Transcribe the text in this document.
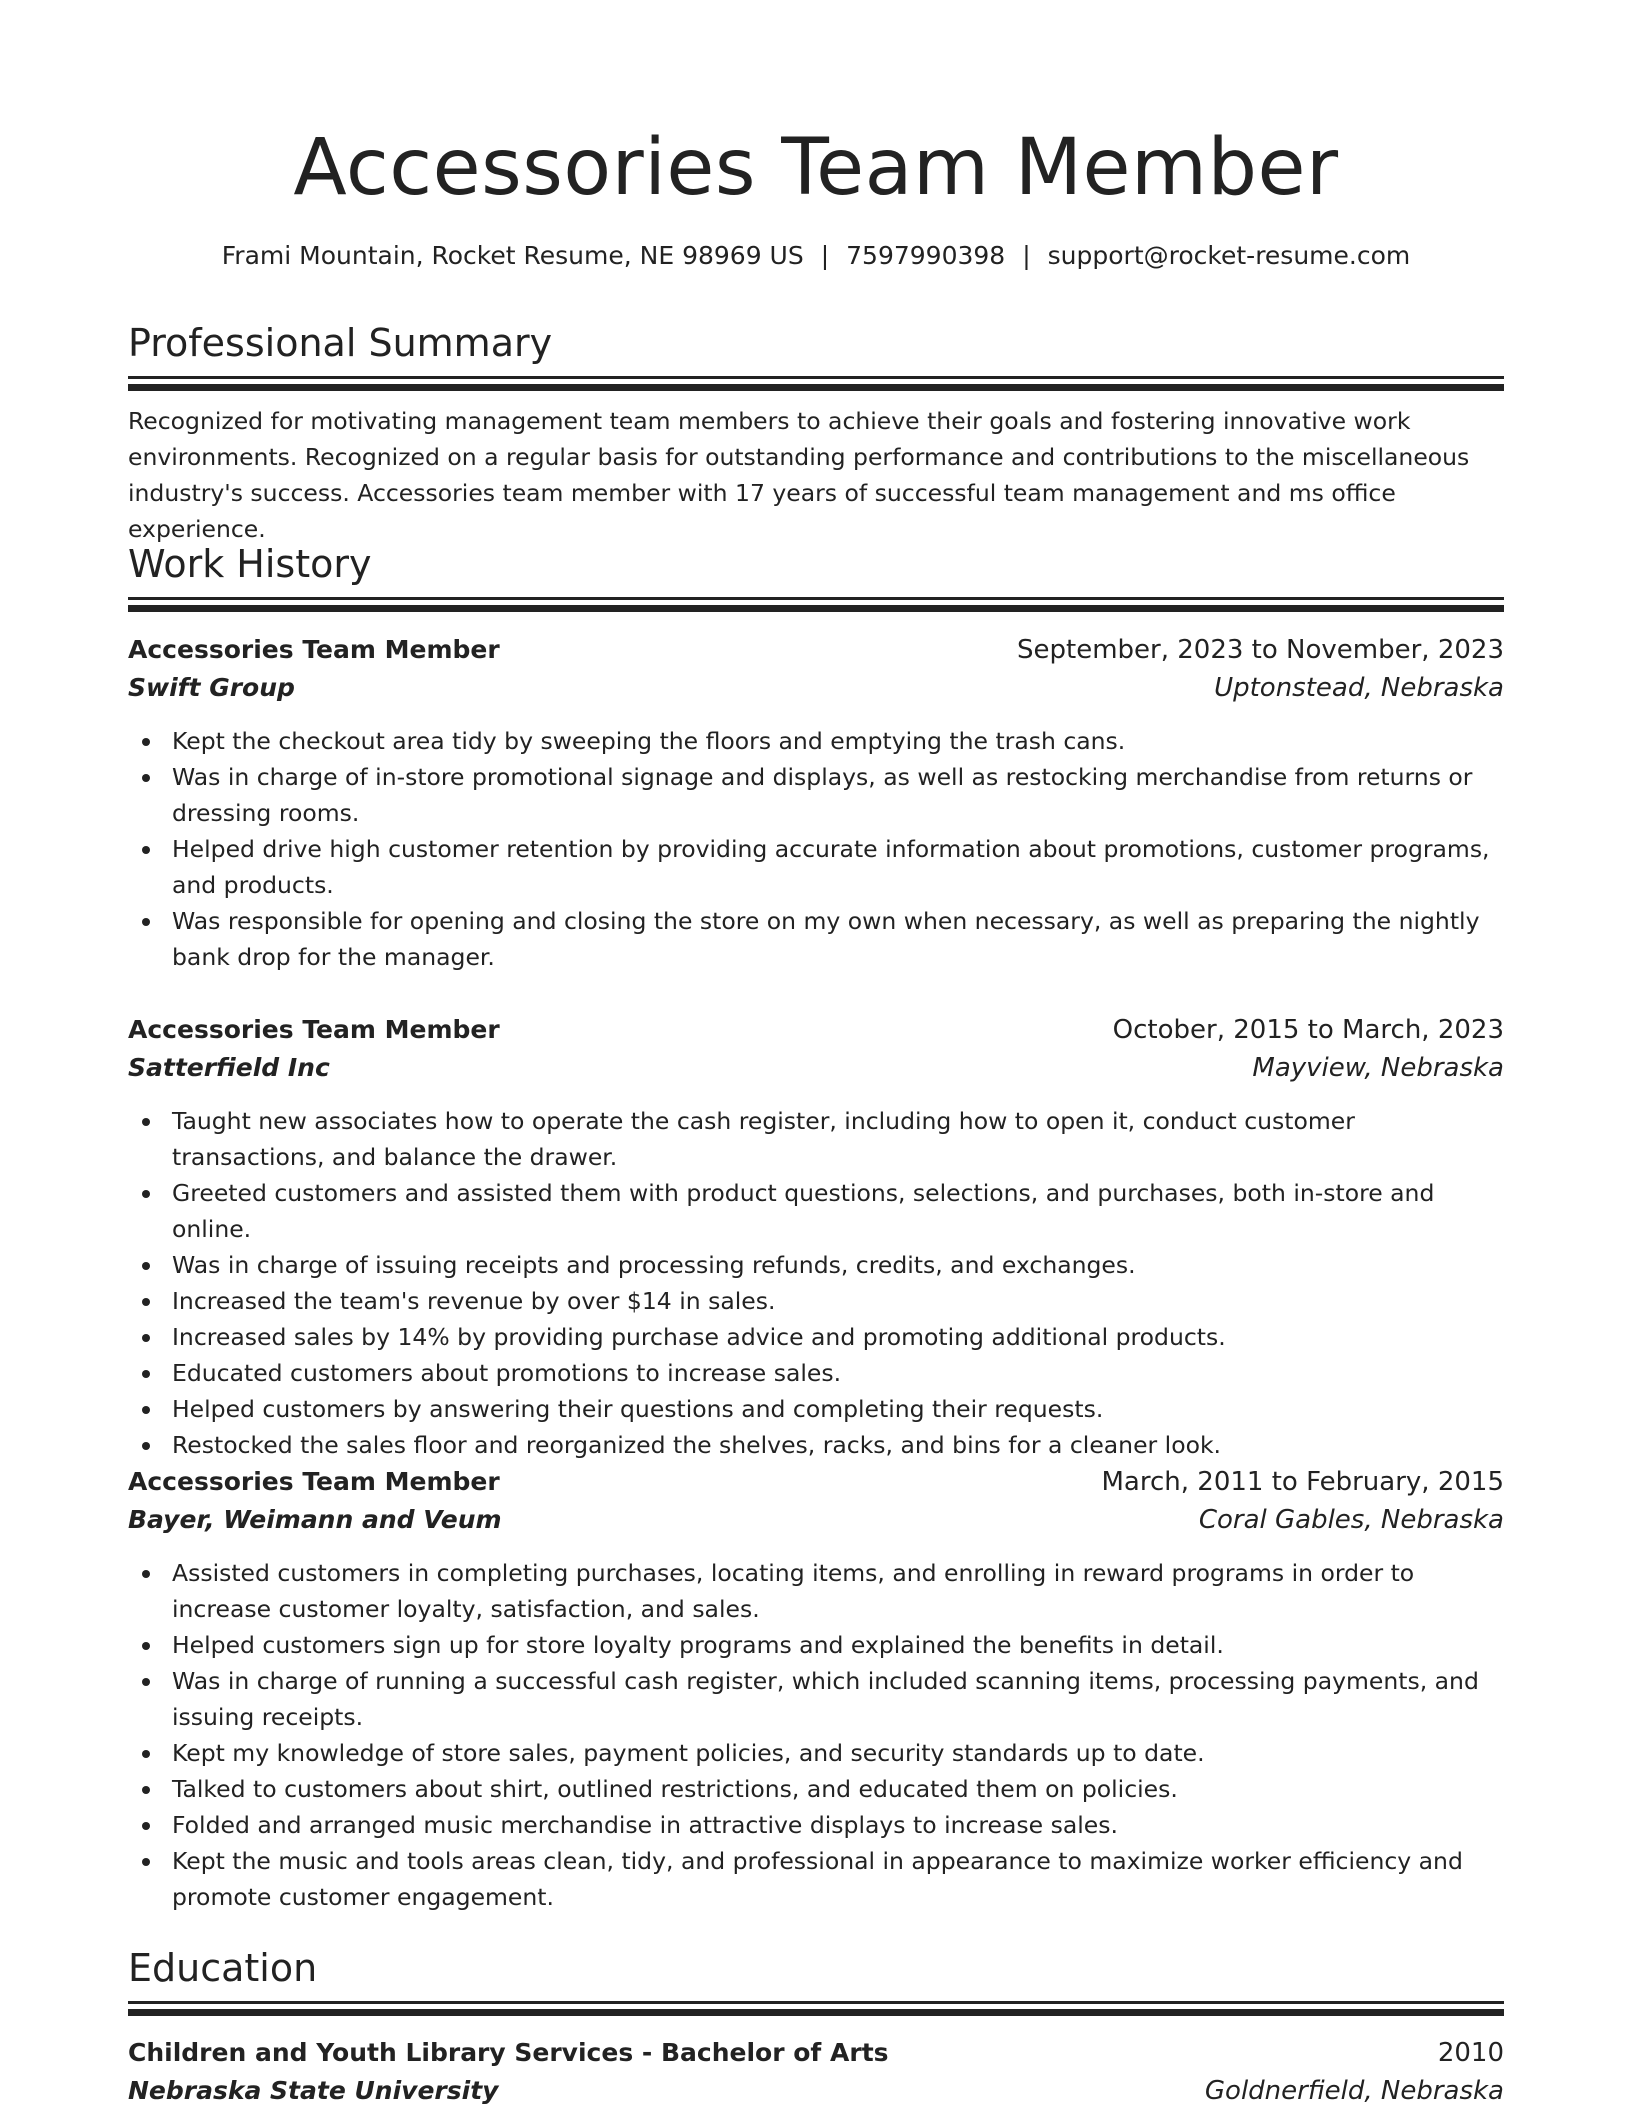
Accessories Team Member
Frami Mountain, Rocket Resume, NE 98969 US | 7597990398 | support@rocket-resume.com
Professional Summary

Recognized for motivating management team members to achieve their goals and fostering innovative work environments. Recognized on a regular basis for outstanding performance and contributions to the miscellaneous industry's success. Accessories team member with 17 years of successful team management and ms office experience.

Work History
Accessories Team Member	September, 2023 to November, 2023
Swift Group	Uptonstead, Nebraska
Kept the checkout area tidy by sweeping the floors and emptying the trash cans.
Was in charge of in-store promotional signage and displays, as well as restocking merchandise from returns or dressing rooms.
Helped drive high customer retention by providing accurate information about promotions, customer programs, and products.
Was responsible for opening and closing the store on my own when necessary, as well as preparing the nightly bank drop for the manager.
Accessories Team Member	October, 2015 to March, 2023
Satterfield Inc	Mayview, Nebraska
Taught new associates how to operate the cash register, including how to open it, conduct customer transactions, and balance the drawer.
Greeted customers and assisted them with product questions, selections, and purchases, both in-store and online.
Was in charge of issuing receipts and processing refunds, credits, and exchanges.
Increased the team's revenue by over $14 in sales.
Increased sales by 14% by providing purchase advice and promoting additional products.
Educated customers about promotions to increase sales.
Helped customers by answering their questions and completing their requests.
Restocked the sales floor and reorganized the shelves, racks, and bins for a cleaner look.
Accessories Team Member	March, 2011 to February, 2015
Bayer, Weimann and Veum	Coral Gables, Nebraska
Assisted customers in completing purchases, locating items, and enrolling in reward programs in order to increase customer loyalty, satisfaction, and sales.
Helped customers sign up for store loyalty programs and explained the benefits in detail.
Was in charge of running a successful cash register, which included scanning items, processing payments, and issuing receipts.
Kept my knowledge of store sales, payment policies, and security standards up to date.
Talked to customers about shirt, outlined restrictions, and educated them on policies.
Folded and arranged music merchandise in attractive displays to increase sales.
Kept the music and tools areas clean, tidy, and professional in appearance to maximize worker efficiency and promote customer engagement.
Education
Children and Youth Library Services - Bachelor of Arts	2010
Nebraska State University	Goldnerfield, Nebraska
